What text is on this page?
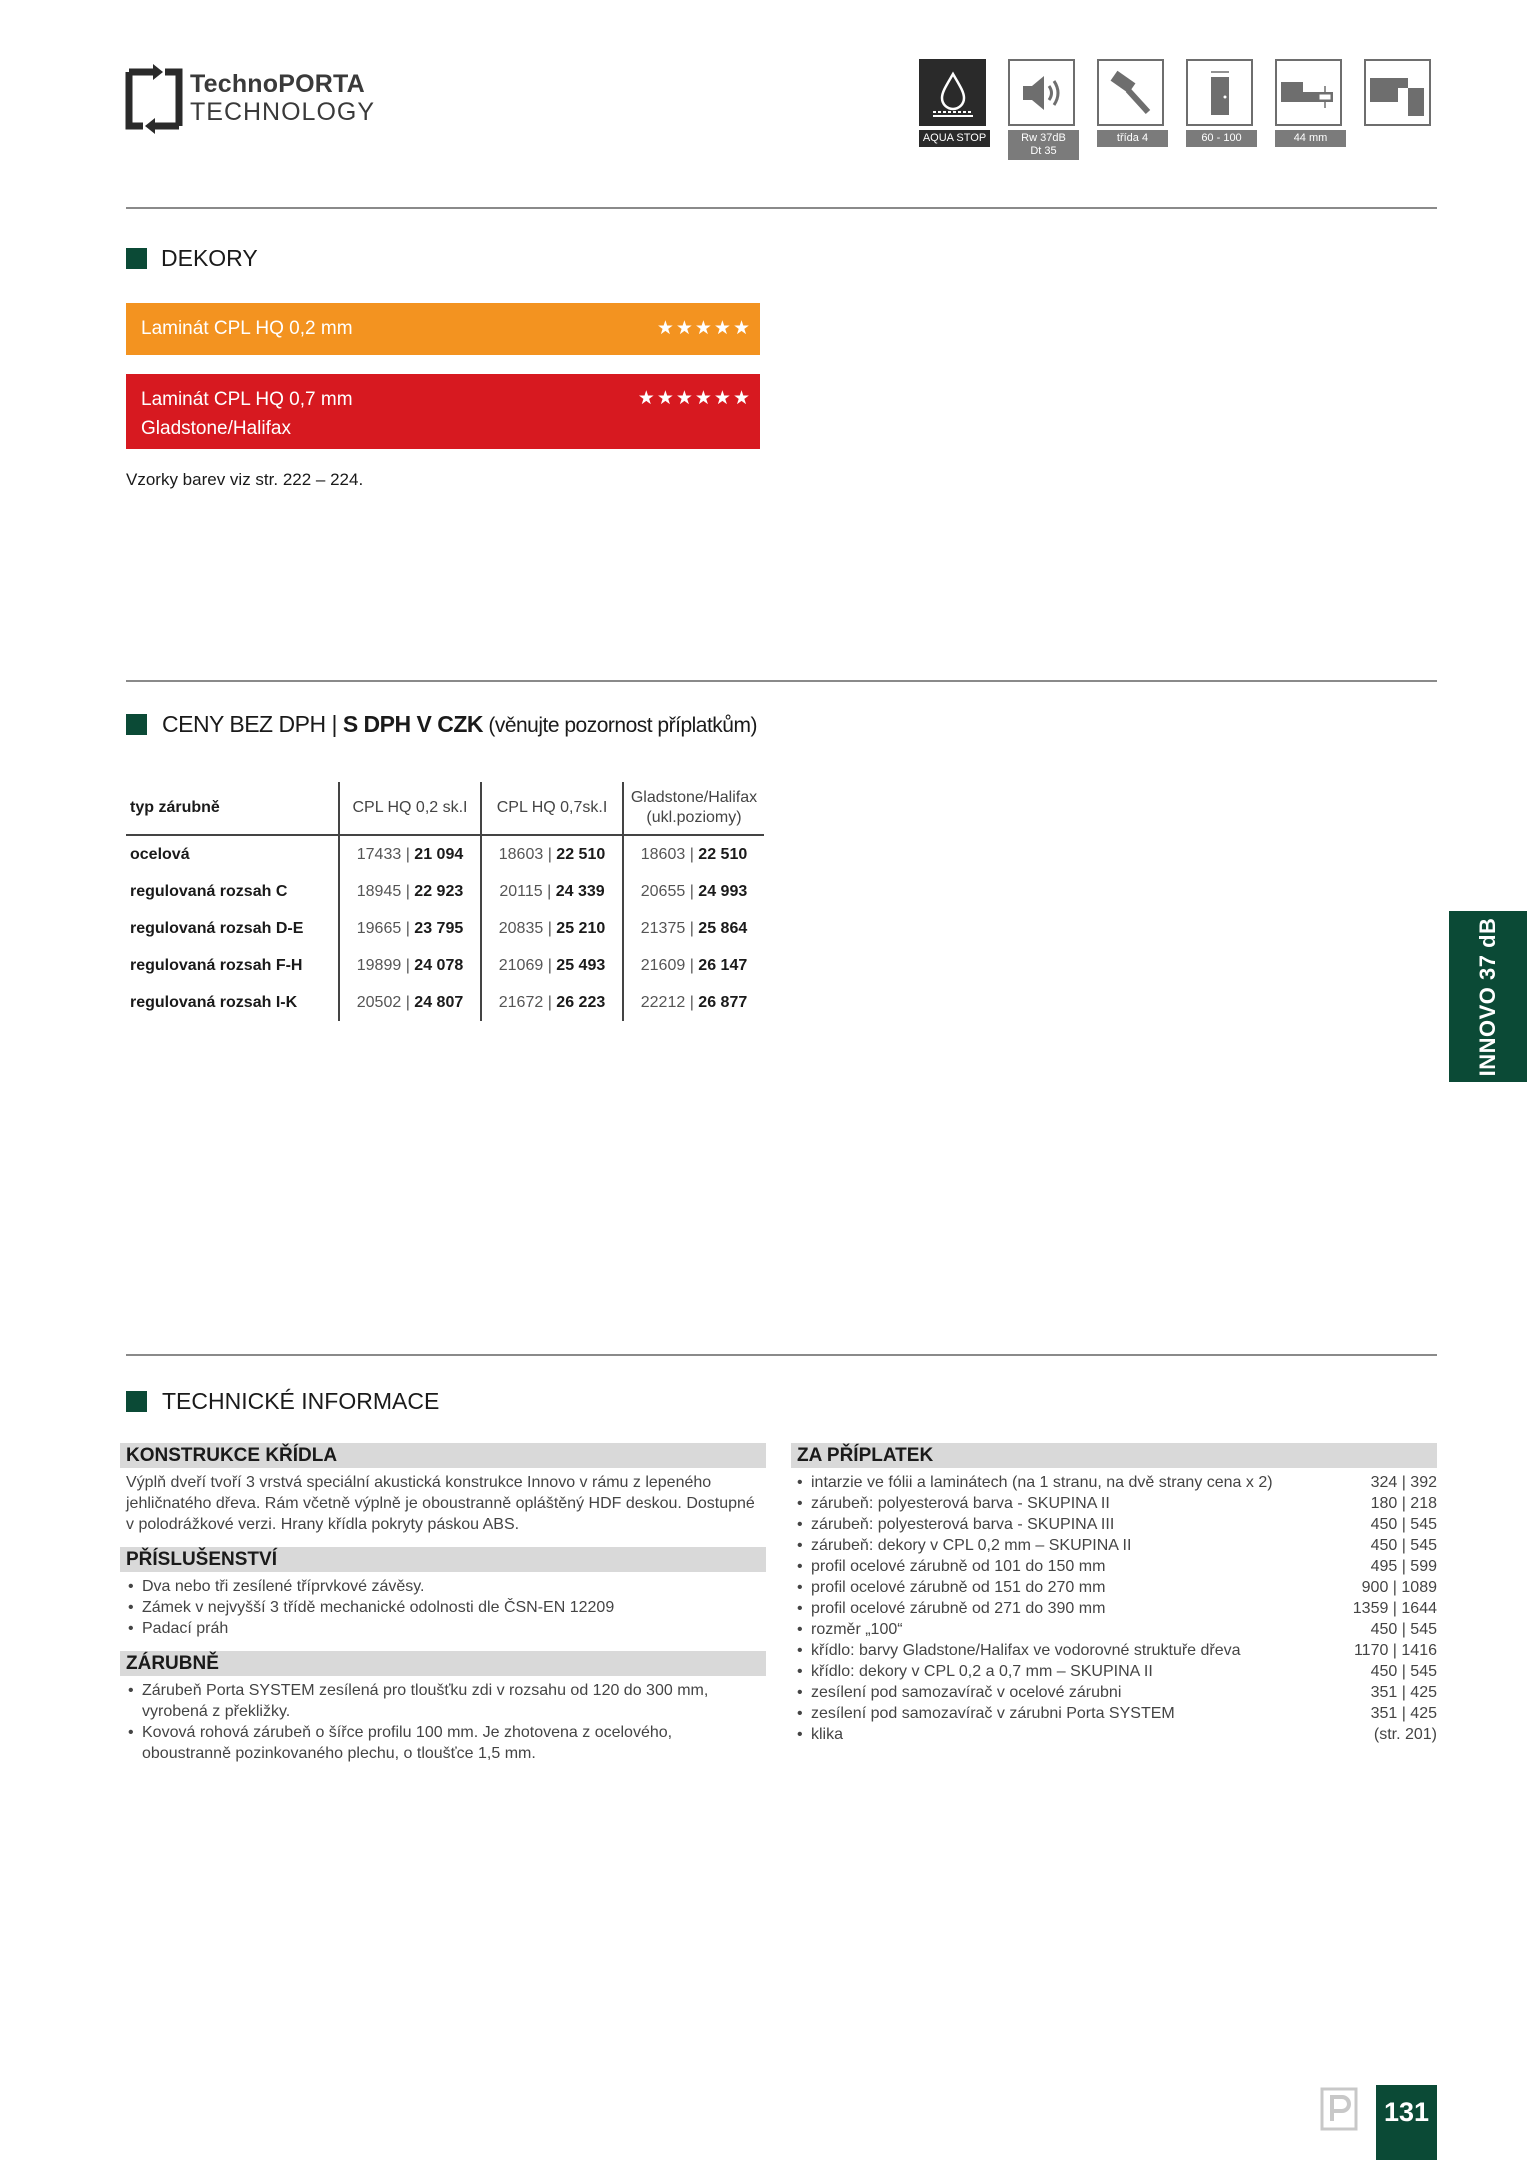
TechnoPORTA
TECHNOLOGY
AQUA STOP	Rw 37dB
Dt 35
třída 4	60 - 100	44 mm
DEKORY
Laminát CPL HQ 0,2 mm	★★★★★
Laminát CPL HQ 0,7 mm
Gladstone/Halifax
★★★★★★
Vzorky barev viz str. 222 – 224.
CENY BEZ DPH | S DPH V CZK (věnujte pozornost příplatkům)
typ zárubně	CPL HQ 0,2 sk.I	CPL HQ 0,7sk.I	Gladstone/Halifax
(ukl.poziomy)

ocelová	17433 | 21 094	18603 | 22 510	18603 | 22 510
regulovaná rozsah C	18945 | 22 923	20115 | 24 339	20655 | 24 993
regulovaná rozsah D-E	19665 | 23 795	20835 | 25 210	21375 | 25 864
regulovaná rozsah F-H	19899 | 24 078	21069 | 25 493	21609 | 26 147
regulovaná rozsah I-K	20502 | 24 807	21672 | 26 223	22212 | 26 877	INNOVO 37 dB
TECHNICKÉ INFORMACE
KONSTRUKCE KŘÍDLA
Výplň dveří tvoří 3 vrstvá speciální akustická konstrukce Innovo v rámu z lepeného jehličnatého dřeva. Rám včetně výplně je oboustranně opláštěný HDF deskou. Dostupné v polodrážkové verzi. Hrany křídla pokryty páskou ABS.
PŘÍSLUŠENSTVÍ
• Dva nebo tři zesílené tříprvkové závěsy.
• Zámek v nejvyšší 3 třídě mechanické odolnosti dle ČSN-EN 12209
• Padací práh
ZÁRUBNĚ
• Zárubeň Porta SYSTEM zesílená pro tloušťku zdi v rozsahu od 120 do 300 mm, vyrobená z překližky.
• Kovová rohová zárubeň o šířce profilu 100 mm. Je zhotovena z ocelového, oboustranně pozinkovaného plechu, o tloušťce 1,5 mm.
ZA PŘÍPLATEK
• intarzie ve fólii a laminátech (na 1 stranu, na dvě strany cena x 2)	324 | 392
• zárubeň: polyesterová barva - SKUPINA II	180 | 218
• zárubeň: polyesterová barva - SKUPINA III	450 | 545
• zárubeň: dekory v CPL 0,2 mm – SKUPINA II	450 | 545
• profil ocelové zárubně od 101 do 150 mm	495 | 599
• profil ocelové zárubně od 151 do 270 mm	900 | 1089
• profil ocelové zárubně od 271 do 390 mm	1359 | 1644
• rozměr „100“	450 | 545
• křídlo: barvy Gladstone/Halifax ve vodorovné struktuře dřeva	1170 | 1416
• křídlo: dekory v CPL 0,2 a 0,7 mm – SKUPINA II	450 | 545
• zesílení pod samozavírač v ocelové zárubni	351 | 425
• zesílení pod samozavírač v zárubni Porta SYSTEM	351 | 425
• klika	(str. 201)
131
